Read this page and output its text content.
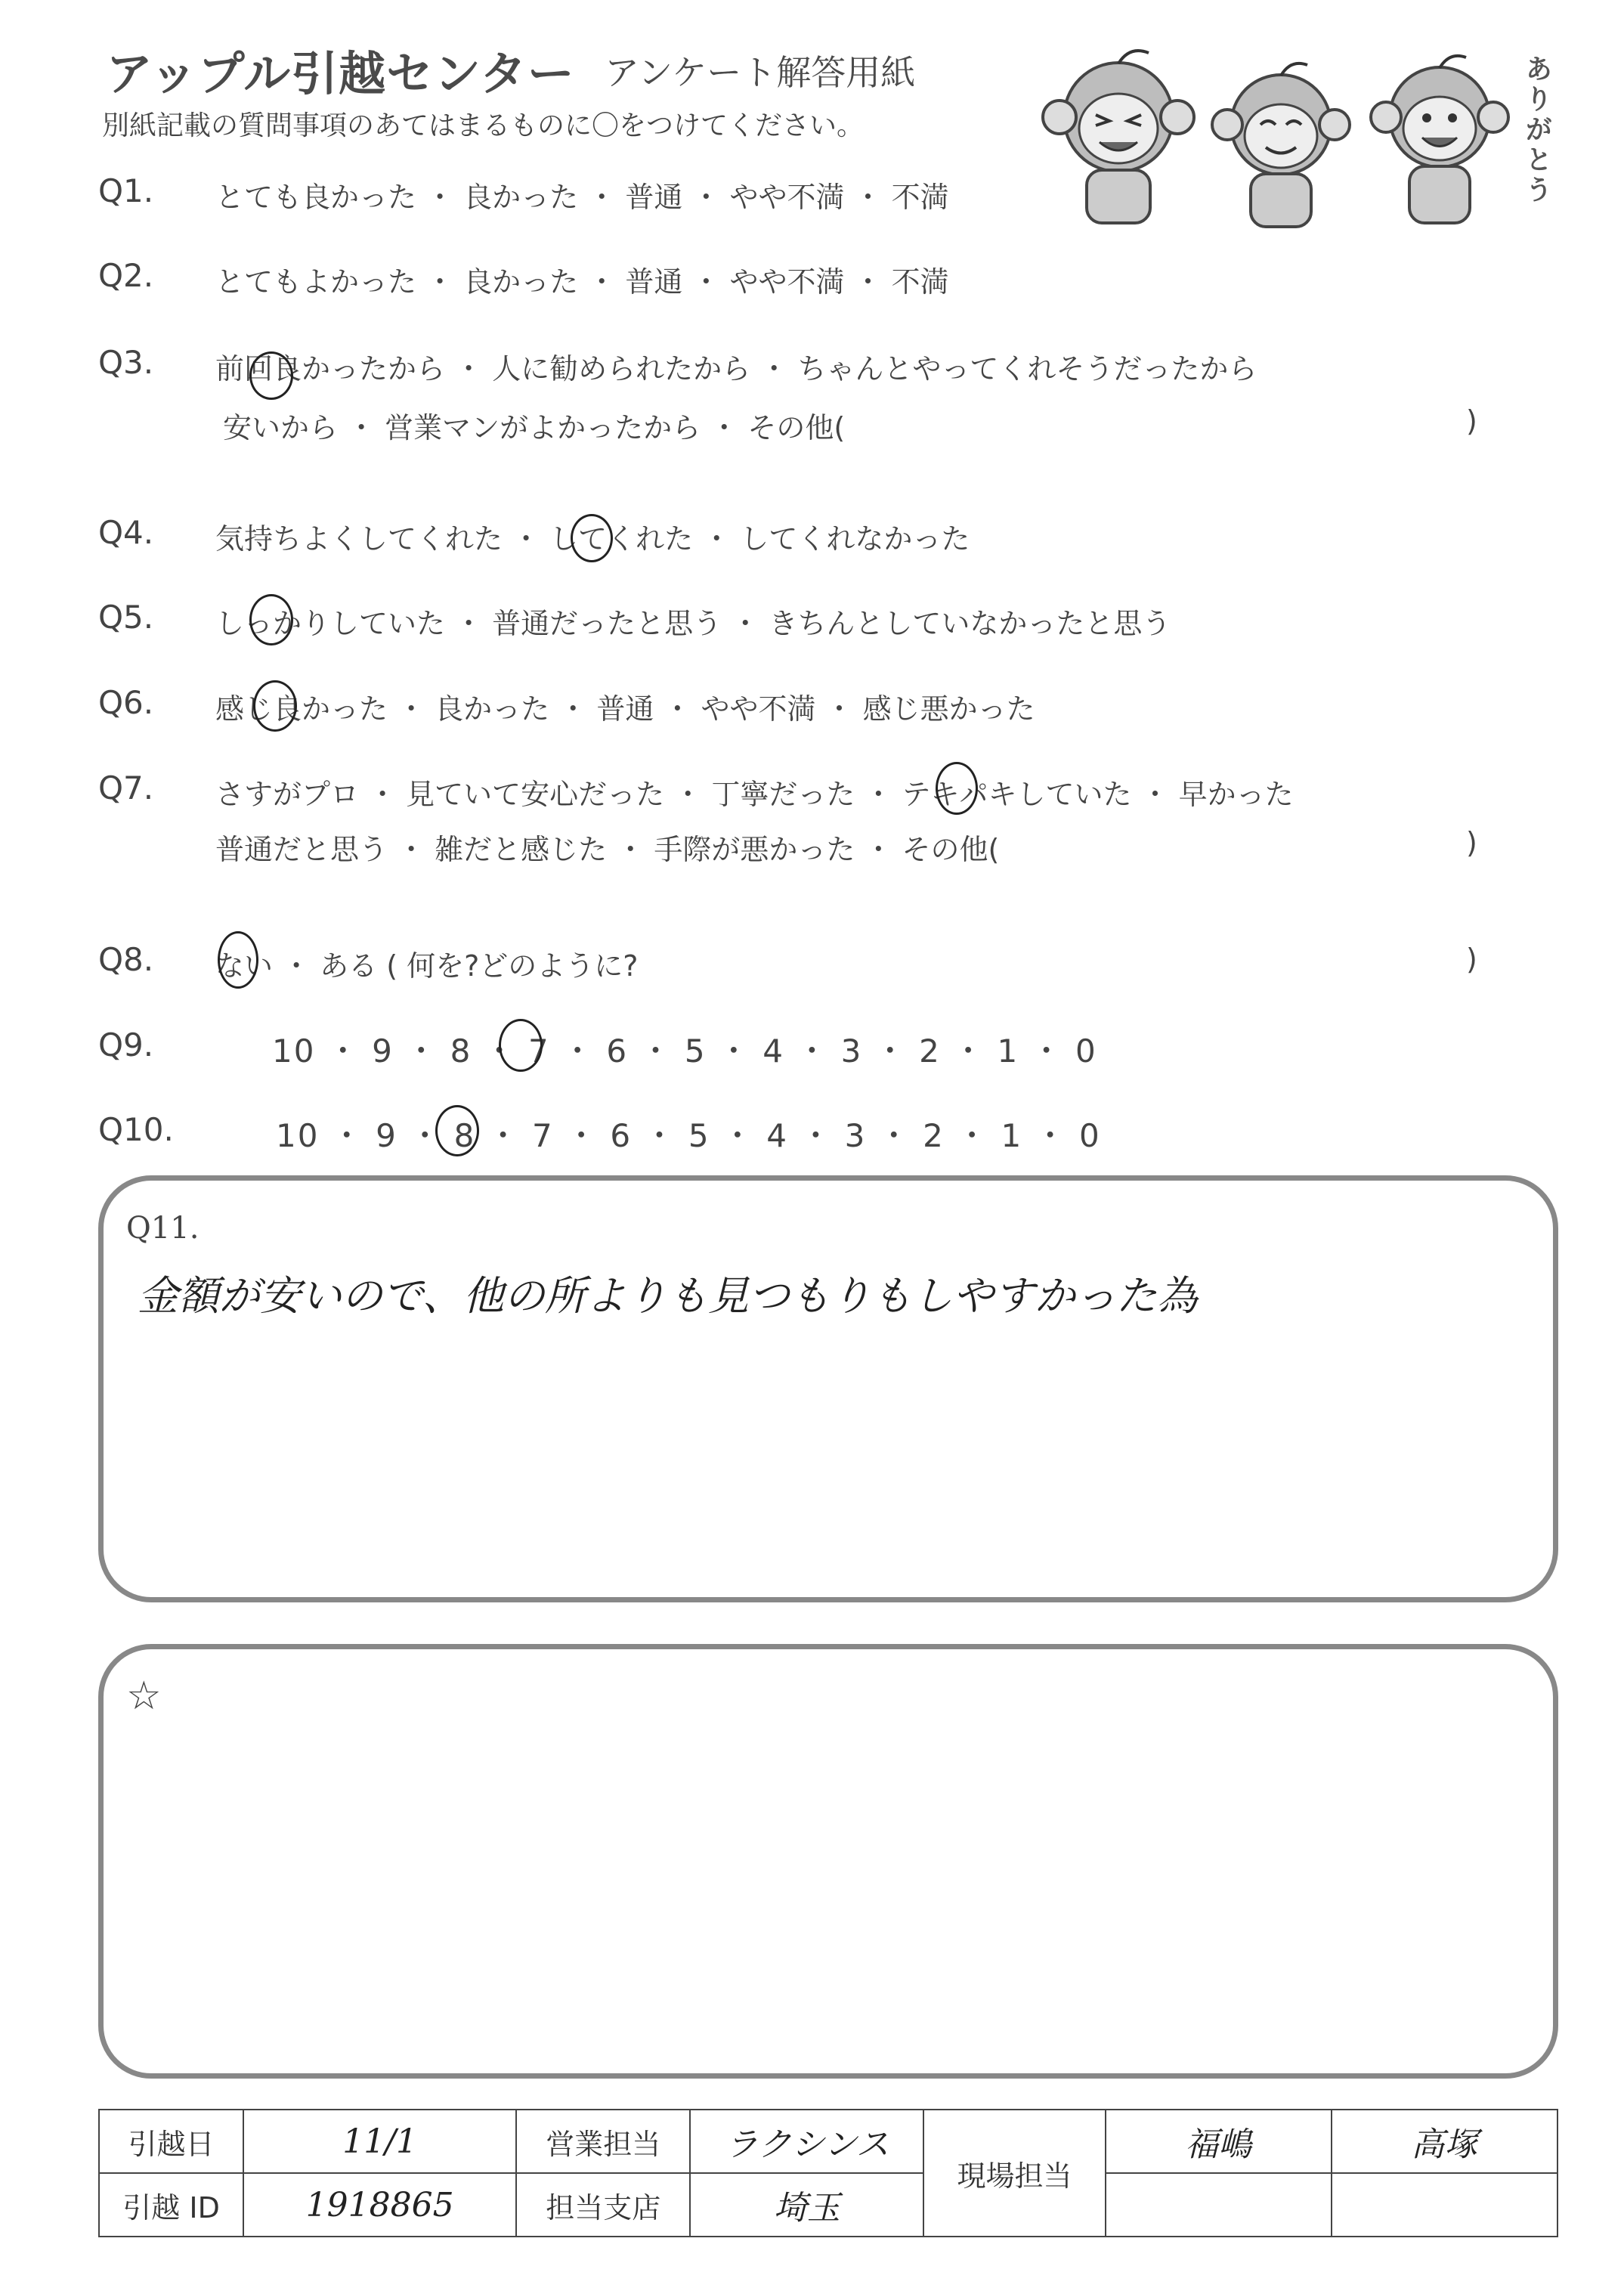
アップル引越センター アンケート解答用紙
別紙記載の質問事項のあてはまるものに〇をつけてください。	ありがとう
Q1. とても良かった ・ 良かった ・ 普通 ・ やや不満 ・ 不満
Q2. とてもよかった ・ 良かった ・ 普通 ・ やや不満 ・ 不満
Q3. 前回良かったから ・ 人に勧められたから ・ ちゃんとやってくれそうだったから
安いから ・ 営業マンがよかったから ・ その他(	)
Q4. 気持ちよくしてくれた ・ してくれた ・ してくれなかった
Q5. しっかりしていた ・ 普通だったと思う ・ きちんとしていなかったと思う
Q6. 感じ良かった ・ 良かった ・ 普通 ・ やや不満 ・ 感じ悪かった
Q7. さすがプロ ・ 見ていて安心だった ・ 丁寧だった ・ テキパキしていた ・ 早かった
普通だと思う ・ 雑だと感じた ・ 手際が悪かった ・ その他(	)
Q8. ない ・ ある ( 何を?どのように?	)
Q9.	10 ・ 9 ・ 8 ・ 7 ・ 6 ・ 5 ・ 4 ・ 3 ・ 2 ・ 1 ・ 0
Q10.	10 ・ 9 ・ 8 ・ 7 ・ 6 ・ 5 ・ 4 ・ 3 ・ 2 ・ 1 ・ 0
Q11.
金額が安いので、他の所よりも見つもりもしやすかった為
☆
引越日	11/1	営業担当	ラクシンス	現場担当	福嶋	高塚
引越 ID	1918865	担当支店	埼玉			
